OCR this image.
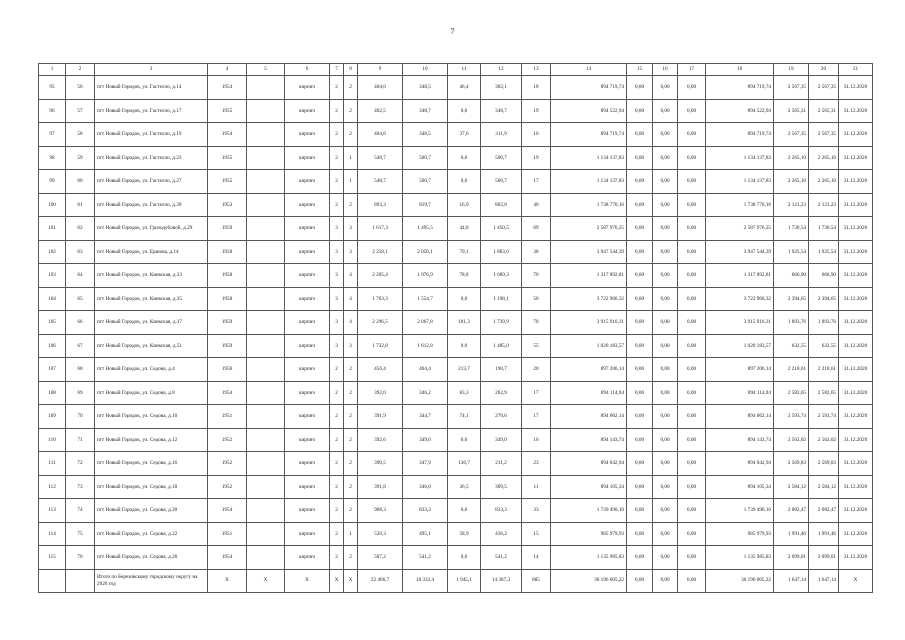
7
1	2	3	4	5	6	7	8	9	10	11	12	13	14	15	16	17	18	19	20	21
95	56	пгт Новый Городок, ул. Гастелло, д.14	1954		кирпич	2	2	404,6	348,5	46,4	302,1	18	894 719,74	0,00	0,00	0,00	894 719,74	2 567,35	2 567,35	31.12.2020
96	57	пгт Новый Городок, ул. Гастелло, д.17	1955		кирпич	2	2	402,5	348,7	0,0	348,7	19	894 522,94	0,00	0,00	0,00	894 522,94	2 565,31	2 565,31	31.12.2020
97	58	пгт Новый Городок, ул. Гастелло, д.19	1954		кирпич	2	2	404,6	348,5	37,6	311,9	16	894 719,74	0,00	0,00	0,00	894 719,74	2 567,35	2 567,35	31.12.2020
98	59	пгт Новый Городок, ул. Гастелло, д.23	1955		кирпич	2	1	548,7	500,7	0,0	500,7	19	1 134 137,83	0,00	0,00	0,00	1 134 137,83	2 265,10	2 265,10	31.12.2020
99	60	пгт Новый Городок, ул. Гастелло, д.27	1955		кирпич	2	1	548,7	500,7	0,0	500,7	17	1 134 137,83	0,00	0,00	0,00	1 134 137,83	2 265,10	2 265,10	31.12.2020
100	61	пгт Новый Городок, ул. Гастелло, д.39	1953		кирпич	2	2	893,3	819,7	16,9	802,8	40	1 738 770,16	0,00	0,00	0,00	1 738 770,16	2 121,23	2 121,23	31.12.2020
101	62	пгт Новый Городок, ул. Гризодубовой, д.29	1959		кирпич	3	3	1 617,3	1 495,5	44,8	1 450,5	69	2 587 976,25	0,00	0,00	0,00	2 587 976,25	1 730,54	1 730,54	31.12.2020
102	63	пгт Новый Городок, ул. Ершова, д.14	1958		кирпич	3	3	2 258,1	2 050,1	79,1	1 883,6	38	3 947 544,39	0,00	0,00	0,00	3 947 544,39	1 925,54	1 925,54	31.12.2020
103	64	пгт Новый Городок, ул. Киевская, д.33	1958		кирпич	3	4	2 205,4	1 976,9	78,8	1 689,3	70	1 317 892,81	0,00	0,00	0,00	1 317 892,81	666,90	666,90	31.12.2020
104	65	пгт Новый Городок, ул. Киевская, д.35	1958		кирпич	3	4	1 763,3	1 554,7	0,0	1 198,1	56	3 722 966,32	0,00	0,00	0,00	3 722 966,32	2 394,65	2 394,65	31.12.2020
105	66	пгт Новый Городок, ул. Киевская, д.37	1959		кирпич	3	4	2 296,5	2 067,8	181,3	1 739,9	78	3 915 916,31	0,00	0,00	0,00	3 915 916,31	1 893,76	1 893,76	31.12.2020
106	67	пгт Новый Городок, ул. Киевская, д.51	1959		кирпич	3	3	1 732,8	1 612,8	0,0	1 485,0	55	1 020 183,57	0,00	0,00	0,00	1 020 183,57	632,55	632,55	31.12.2020
107	68	пгт Новый Городок, ул. Седова, д.4	1956		кирпич	2	2	456,4	404,4	213,7	190,7	20	897 206,14	0,00	0,00	0,00	897 206,14	2 218,61	2 218,61	31.12.2020
108	69	пгт Новый Городок, ул. Седова, д.8	1954		кирпич	2	2	392,0	346,2	83,3	262,9	17	894 114,94	0,00	0,00	0,00	894 114,94	2 582,65	2 582,65	31.12.2020
109	70	пгт Новый Городок, ул. Седова, д.10	1951		кирпич	2	2	391,9	344,7	74,1	270,6	17	894 062,14	0,00	0,00	0,00	894 062,14	2 593,74	2 593,74	31.12.2020
110	71	пгт Новый Городок, ул. Седова, д.12	1952		кирпич	2	2	392,6	349,0	0,0	349,0	16	894 143,74	0,00	0,00	0,00	894 143,74	2 562,02	2 562,02	31.12.2020
111	72	пгт Новый Городок, ул. Седова, д.16	1952		кирпич	2	2	390,5	347,9	136,7	211,2	23	894 042,94	0,00	0,00	0,00	894 042,94	2 569,83	2 569,83	31.12.2020
112	73	пгт Новый Городок, ул. Седова, д.18	1952		кирпич	2	2	391,8	346,0	36,5	309,5	11	894 105,34	0,00	0,00	0,00	894 105,34	2 584,12	2 584,12	31.12.2020
113	74	пгт Новый Городок, ул. Седова, д.20	1954		кирпич	2	2	908,3	833,3	0,0	833,3	33	1 739 490,10	0,00	0,00	0,00	1 739 490,10	2 082,47	2 082,47	31.12.2020
114	75	пгт Новый Городок, ул. Седова, д.22	1951		кирпич	2	1	539,3	495,1	58,9	436,2	15	985 979,93	0,00	0,00	0,00	985 979,93	1 991,46	1 991,46	31.12.2020
115	76	пгт Новый Городок, ул. Седова, д.26	1954		кирпич	2	2	587,2	541,2	0,0	541,2	14	1 135 985,83	0,00	0,00	0,00	1 135 985,83	2 099,01	2 099,01	31.12.2020
		Итого по Березовскому городскому округу на 2026 год	X	X	X	X	X	22 466,7	18 332,4	1 945,1	14 387,3	885	30 196 005,22	0,00	0,00	0,00	30 196 005,22	1 647,14	1 647,14	X
